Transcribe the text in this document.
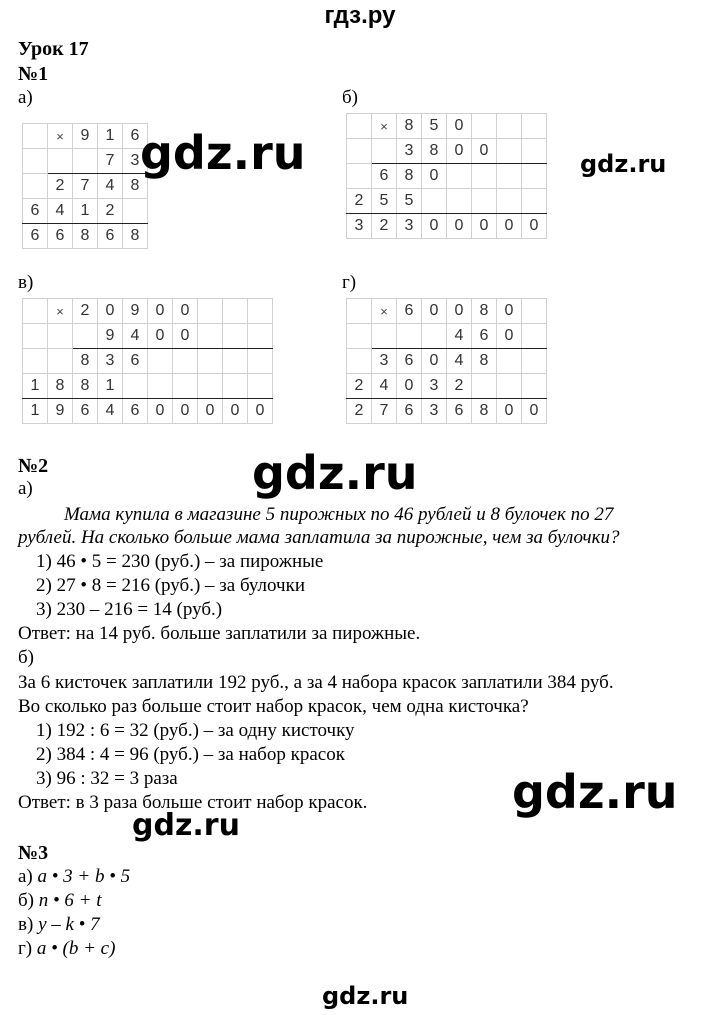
гдз.ру
Урок 17
№1
а)	б)
в)	г)
	×	9	1	6
			7	3
	2	7	4	8
6	4	1	2	
6	6	8	6	8
	×	8	5	0			
		3	8	0	0		
	6	8	0				
2	5	5					
3	2	3	0	0	0	0	0
	×	2	0	9	0	0			
			9	4	0	0			
		8	3	6					
1	8	8	1						
1	9	6	4	6	0	0	0	0	0
	×	6	0	0	8	0	
				4	6	0	
	3	6	0	4	8		
2	4	0	3	2			
2	7	6	3	6	8	0	0
№2
а)
Мама купила в магазине 5 пирожных по 46 рублей и 8 булочек по 27
рублей. На сколько больше мама заплатила за пирожные, чем за булочки?
1) 46 • 5 = 230 (руб.) – за пирожные
2) 27 • 8 = 216 (руб.) – за булочки
3) 230 – 216 = 14 (руб.)
Ответ: на 14 руб. больше заплатили за пирожные.
б)
За 6 кисточек заплатили 192 руб., а за 4 набора красок заплатили 384 руб.
Во сколько раз больше стоит набор красок, чем одна кисточка?
1) 192 : 6 = 32 (руб.) – за одну кисточку
2) 384 : 4 = 96 (руб.) – за набор красок
3) 96 : 32 = 3 раза
Ответ: в 3 раза больше стоит набор красок.
№3
а) a • 3 + b • 5
б) n • 6 + t
в) y – k • 7
г) a • (b + c)
gdz.ru	gdz.ru
gdz.ru
gdz.ru
gdz.ru
gdz.ru
